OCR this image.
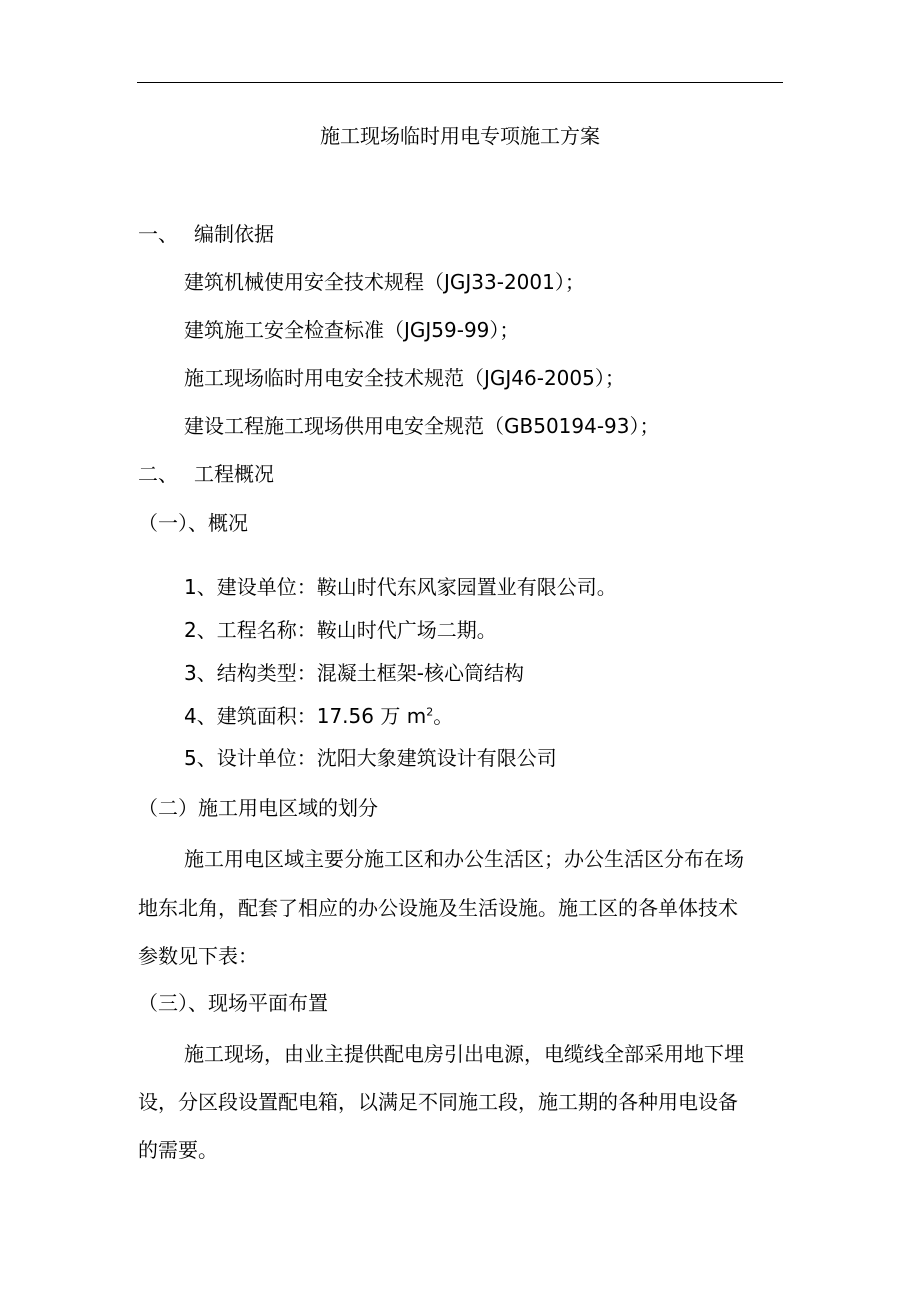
施工现场临时用电专项施工方案
一、 编制依据
建筑机械使用安全技术规程（JGJ33-2001）；
建筑施工安全检查标准（JGJ59-99）；
施工现场临时用电安全技术规范（JGJ46-2005）；
建设工程施工现场供用电安全规范（GB50194-93）；
二、 工程概况
（一）、概况
1、建设单位：鞍山时代东风家园置业有限公司。
2、工程名称：鞍山时代广场二期。
3、结构类型：混凝土框架-核心筒结构
4、建筑面积：17.56 万 $m^2$。
5、设计单位：沈阳大象建筑设计有限公司
（二）施工用电区域的划分
施工用电区域主要分施工区和办公生活区；办公生活区分布在场
地东北角，配套了相应的办公设施及生活设施。施工区的各单体技术
参数见下表：
（三）、现场平面布置
施工现场，由业主提供配电房引出电源，电缆线全部采用地下埋
设，分区段设置配电箱，以满足不同施工段，施工期的各种用电设备
的需要。
